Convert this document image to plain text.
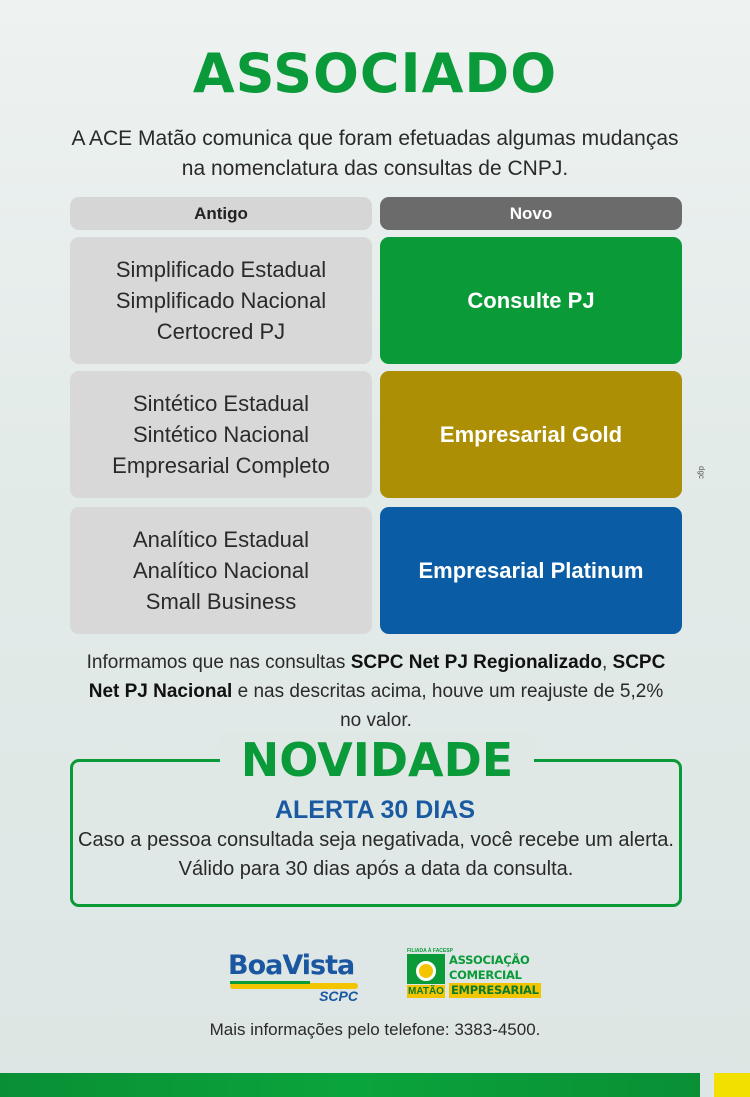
ASSOCIADO
A ACE Matão comunica que foram efetuadas algumas mudanças na nomenclatura das consultas de CNPJ.
Antigo	Novo
Simplificado Estadual
Simplificado Nacional
Certocred PJ
Consulte PJ
Sintético Estadual
Sintético Nacional
Empresarial Completo
Empresarial Gold
Analítico Estadual
Analítico Nacional
Small Business
Empresarial Platinum
Informamos que nas consultas SCPC Net PJ Regionalizado, SCPC Net PJ Nacional e nas descritas acima, houve um reajuste de 5,2% no valor.
NOVIDADE
ALERTA 30 DIAS
Caso a pessoa consultada seja negativada, você recebe um alerta.
Válido para 30 dias após a data da consulta.
BoaVista
SCPC
FILIADA À FACESP
MATÃO
ASSOCIAÇÃO
COMERCIAL
EMPRESARIAL
Mais informações pelo telefone: 3383-4500.
dgc
